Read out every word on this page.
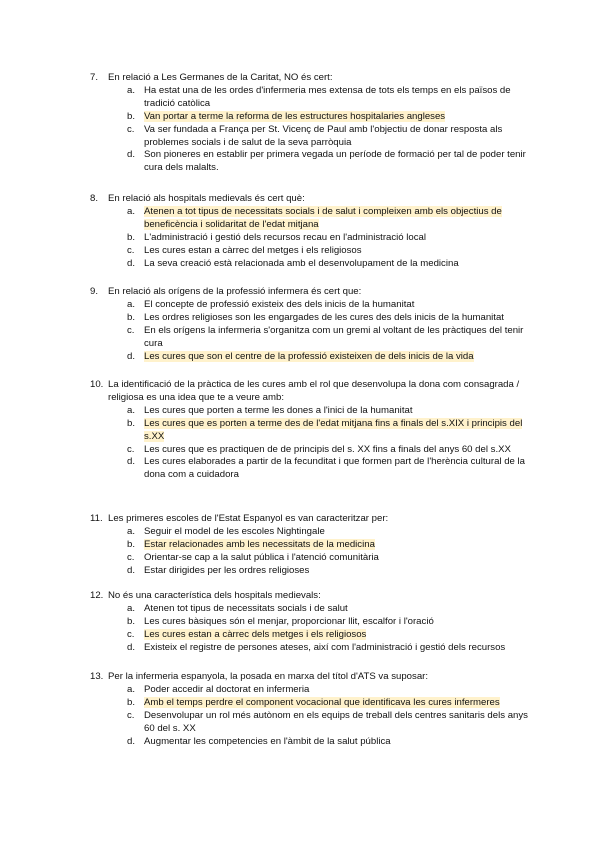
7.	En relació a Les Germanes de la Caritat, NO és cert:
a. Ha estat una de les ordes d'infermeria mes extensa de tots els temps en els països de tradició catòlica
b. Van portar a terme la reforma de les estructures hospitalaries angleses
c. Va ser fundada a França per St. Vicenç de Paul amb l'objectiu de donar resposta als problemes socials i de salut de la seva parròquia
d. Son pioneres en establir per primera vegada un període de formació per tal de poder tenir cura dels malalts.
8.	En relació als hospitals medievals és cert què:
a. Atenen a tot tipus de necessitats socials i de salut i compleixen amb els objectius de beneficència i solidaritat de l'edat mitjana
b. L'administració i gestió dels recursos recau en l'administració local
c. Les cures estan a càrrec del metges i els religiosos
d. La seva creació està relacionada amb el desenvolupament de la medicina
9.	En relació als orígens de la professió infermera és cert que:
a. El concepte de professió existeix des dels inicis de la humanitat
b. Les ordres religioses son les engargades de les cures des dels inicis de la humanitat
c. En els orígens la infermeria s'organitza com un gremi al voltant de les pràctiques del tenir cura
d. Les cures que son el centre de la professió existeixen de dels inicis de la vida
10. La identificació de la pràctica de les cures amb el rol que desenvolupa la dona com consagrada / religiosa es una idea que te a veure amb:
a. Les cures que porten a terme les dones a l'inici de la humanitat
b. Les cures que es porten a terme des de l'edat mitjana fins a finals del s.XIX i principis del s.XX
c. Les cures que es practiquen de de principis del s. XX fins a finals del anys 60 del s.XX
d. Les cures elaborades a partir de la fecunditat i que formen part de l'herència cultural de la dona com a cuidadora
11. Les primeres escoles de l'Estat Espanyol es van caracteritzar per:
a. Seguir el model de les escoles Nightingale
b. Estar relacionades amb les necessitats de la medicina
c. Orientar-se cap a la salut pública i l'atenció comunitària
d. Estar dirigides per les ordres religioses
12. No és una característica dels hospitals medievals:
a. Atenen tot tipus de necessitats socials i de salut
b. Les cures bàsiques són el menjar, proporcionar llit, escalfor i l'oració
c. Les cures estan a càrrec dels metges i els religiosos
d. Existeix el registre de persones ateses, així com l'administració i gestió dels recursos
13. Per la infermeria espanyola, la posada en marxa del títol d'ATS va suposar:
a. Poder accedir al doctorat en infermeria
b. Amb el temps perdre el component vocacional que identificava les cures infermeres
c. Desenvolupar un rol més autònom en els equips de treball dels centres sanitaris dels anys 60 del s. XX
d. Augmentar les competencies en l'àmbit de la salut pública
